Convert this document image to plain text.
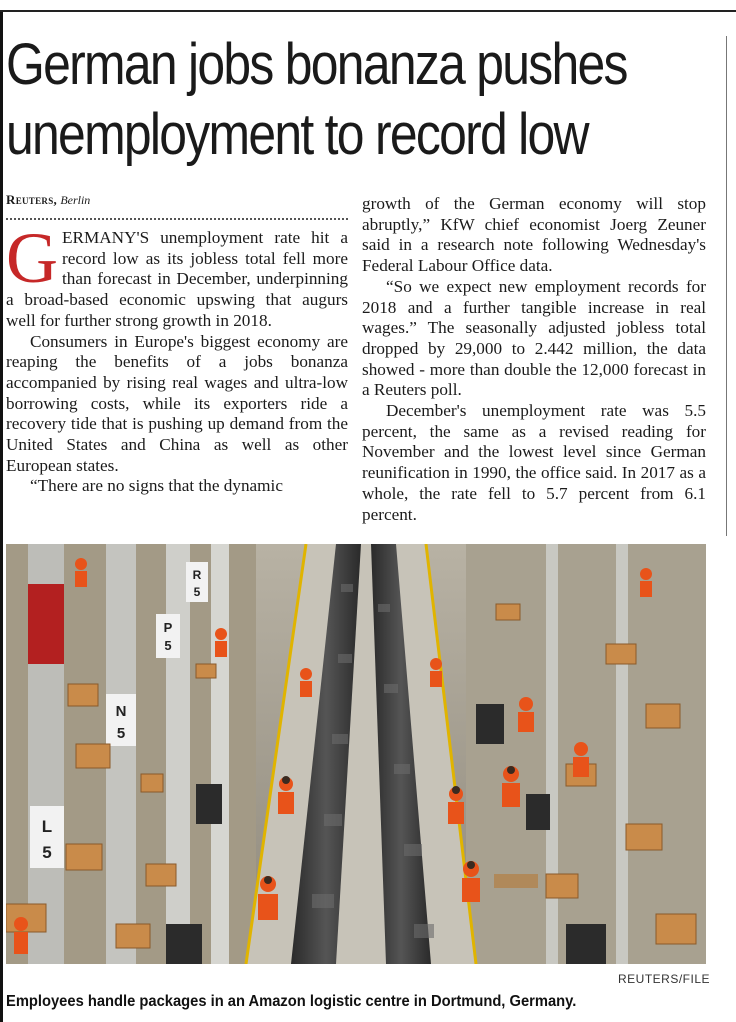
German jobs bonanza pushes
unemployment to record low
Reuters, Berlin

GERMANY'S unemployment rate hit a record low as its jobless total fell more than forecast in December, underpinning a broad-based economic upswing that augurs well for further strong growth in 2018.

Consumers in Europe's biggest economy are reaping the benefits of a jobs bonanza accompanied by rising real wages and ultra-low borrowing costs, while its exporters ride a recovery tide that is pushing up demand from the United States and China as well as other European states.

“There are no signs that the dynamic

growth of the German economy will stop abruptly,” KfW chief economist Joerg Zeuner said in a research note following Wednesday's Federal Labour Office data.

“So we expect new employment records for 2018 and a further tangible increase in real wages.” The seasonally adjusted jobless total dropped by 29,000 to 2.442 million, the data showed - more than double the 12,000 forecast in a Reuters poll.

December's unemployment rate was 5.5 percent, the same as a revised reading for November and the lowest level since German reunification in 1990, the office said. In 2017 as a whole, the rate fell to 5.7 percent from 6.1 percent.

R
5
P
5
N
5
L
5
REUTERS/FILE
Employees handle packages in an Amazon logistic centre in Dortmund, Germany.
